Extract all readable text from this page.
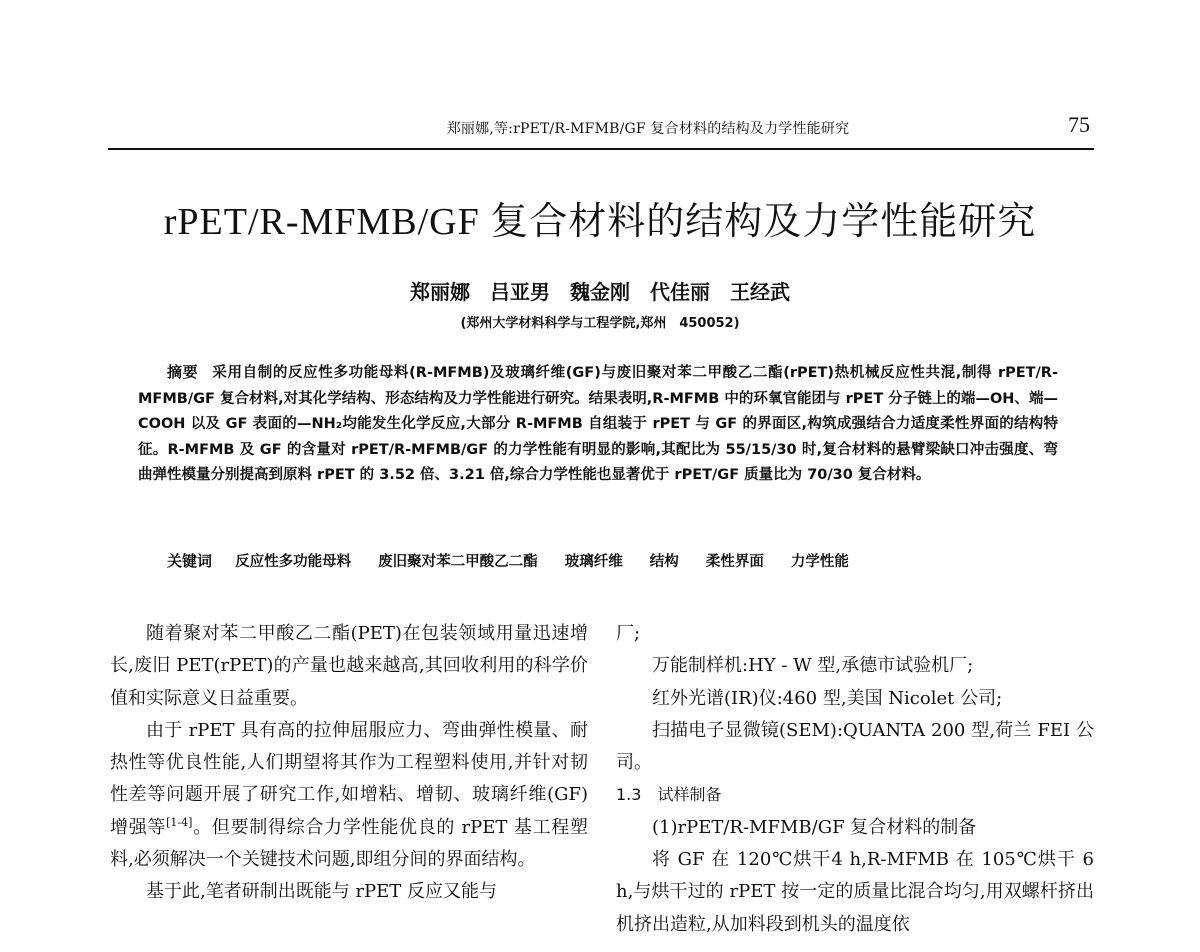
郑丽娜,等:rPET/R-MFMB/GF 复合材料的结构及力学性能研究	75
rPET/R-MFMB/GF 复合材料的结构及力学性能研究
郑丽娜　吕亚男　魏金刚　代佳丽　王经武
(郑州大学材料科学与工程学院,郑州　450052)
摘要 采用自制的反应性多功能母料(R-MFMB)及玻璃纤维(GF)与废旧聚对苯二甲酸乙二酯(rPET)热机械反应性共混,制得 rPET/R-MFMB/GF 复合材料,对其化学结构、形态结构及力学性能进行研究。结果表明,R-MFMB 中的环氧官能团与 rPET 分子链上的端—OH、端—COOH 以及 GF 表面的—NH₂均能发生化学反应,大部分 R-MFMB 自组装于 rPET 与 GF 的界面区,构筑成强结合力适度柔性界面的结构特征。R-MFMB 及 GF 的含量对 rPET/R-MFMB/GF 的力学性能有明显的影响,其配比为 55/15/30 时,复合材料的悬臂梁缺口冲击强度、弯曲弹性模量分别提高到原料 rPET 的 3.52 倍、3.21 倍,综合力学性能也显著优于 rPET/GF 质量比为 70/30 复合材料。
关键词 反应性多功能母料 废旧聚对苯二甲酸乙二酯 玻璃纤维 结构 柔性界面 力学性能

随着聚对苯二甲酸乙二酯(PET)在包装领域用量迅速增长,废旧 PET(rPET)的产量也越来越高,其回收利用的科学价值和实际意义日益重要。

由于 rPET 具有高的拉伸屈服应力、弯曲弹性模量、耐热性等优良性能,人们期望将其作为工程塑料使用,并针对韧性差等问题开展了研究工作,如增粘、增韧、玻璃纤维(GF)增强等[1-4]。但要制得综合力学性能优良的 rPET 基工程塑料,必须解决一个关键技术问题,即组分间的界面结构。

基于此,笔者研制出既能与 rPET 反应又能与

厂;

万能制样机:HY - W 型,承德市试验机厂;

红外光谱(IR)仪:460 型,美国 Nicolet 公司;

扫描电子显微镜(SEM):QUANTA 200 型,荷兰 FEI 公司。

1.3　试样制备

(1)rPET/R-MFMB/GF 复合材料的制备

将 GF 在 120℃烘干4 h,R-MFMB 在 105℃烘干 6 h,与烘干过的 rPET 按一定的质量比混合均匀,用双螺杆挤出机挤出造粒,从加料段到机头的温度依
